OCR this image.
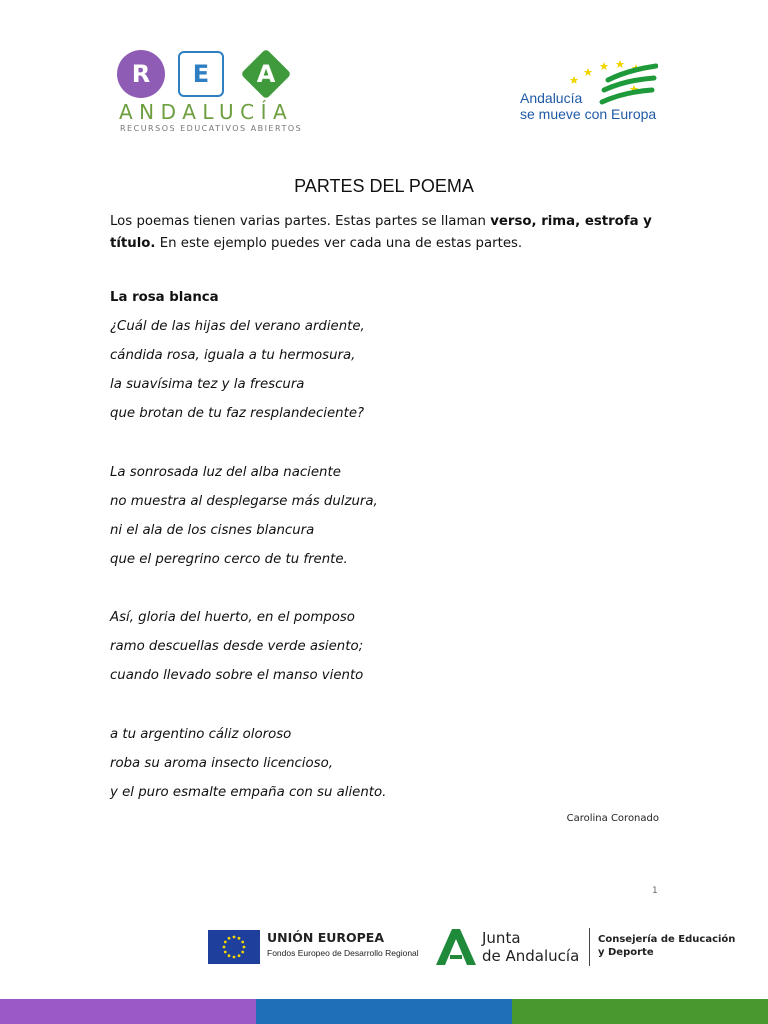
R	E	A
ANDALUCÍA
RECURSOS EDUCATIVOS ABIERTOS
Andalucía
se mueve con Europa
PARTES DEL POEMA
Los poemas tienen varias partes. Estas partes se llaman verso, rima, estrofa y título. En este ejemplo puedes ver cada una de estas partes.
La rosa blanca
¿Cuál de las hijas del verano ardiente,
cándida rosa, iguala a tu hermosura,
la suavísima tez y la frescura
que brotan de tu faz resplandeciente?
La sonrosada luz del alba naciente
no muestra al desplegarse más dulzura,
ni el ala de los cisnes blancura
que el peregrino cerco de tu frente.
Así, gloria del huerto, en el pomposo
ramo descuellas desde verde asiento;
cuando llevado sobre el manso viento
a tu argentino cáliz oloroso
roba su aroma insecto licencioso,
y el puro esmalte empaña con su aliento.
Carolina Coronado
1
UNIÓN EUROPEA
Fondos Europeo de Desarrollo Regional
Junta
de Andalucía
Consejería de Educación
y Deporte
